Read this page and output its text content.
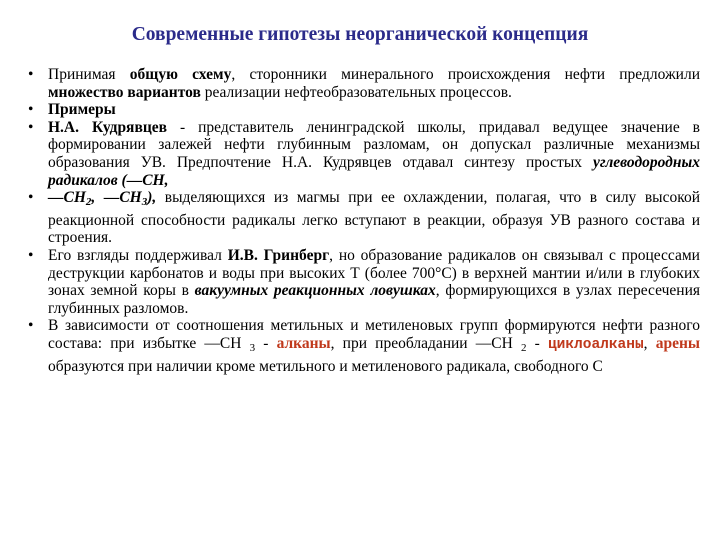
Современные гипотезы неорганической концепция
• Принимая общую схему, сторонники минерального происхождения нефти предложили множество вариантов реализации нефтеобразовательных процессов.
• Примеры
• Н.А. Кудрявцев - представитель ленинградской школы, придавал ведущее значение в формировании залежей нефти глубинным разломам, он допускал различные механизмы образования УВ. Предпочтение Н.А. Кудрявцев отдавал синтезу простых углеводородных радикалов (—СН,
• $—СН_2$, $—СН_3$), выделяющихся из магмы при ее охлаждении, полагая, что в силу высокой реакционной способности радикалы легко вступают в реакции, образуя УВ разного состава и строения.
• Его взгляды поддерживал И.В. Гринберг, но образование радикалов он связывал с процессами деструкции карбонатов и воды при высоких Т (более 700°С) в верхней мантии и/или в глубоких зонах земной коры в вакуумных реакционных ловушках, формирующихся в узлах пересечения глубинных разломов.
• В зависимости от соотношения метильных и метиленовых групп формируются нефти разного состава: при избытке —СН $_3$ - алканы, при преобладании —СН $_2$ - циклоалканы, арены образуются при наличии кроме метильного и метиленового радикала, свободного С
